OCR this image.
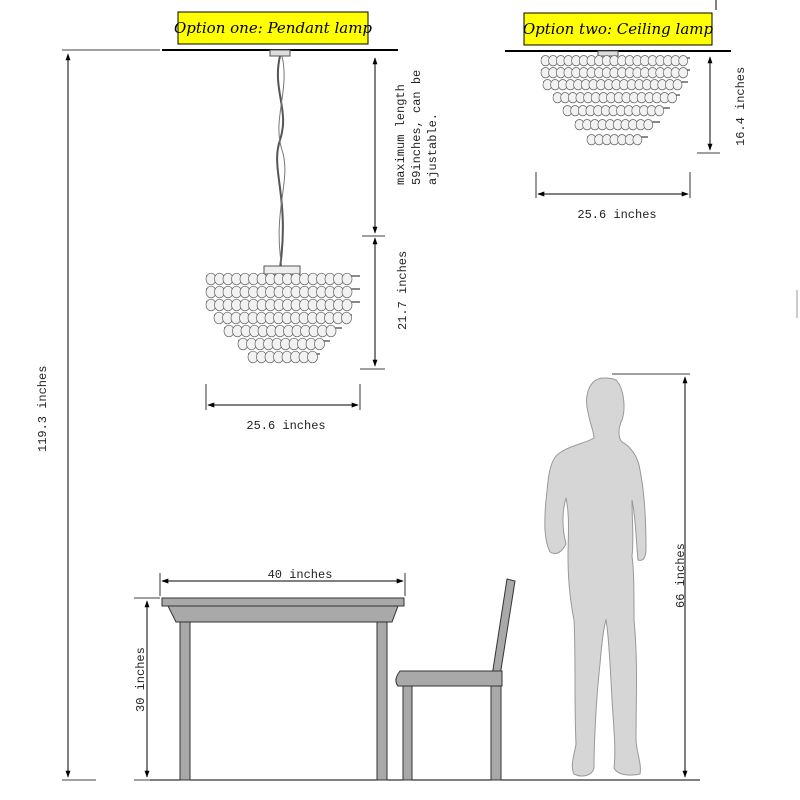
Option one: Pendant lamp	Option two: Ceiling lamp
maximum length 59inches, can be ajustable.
21.7 inches
25.6 inches
16.4 inches
25.6 inches
119.3 inches
40 inches
30 inches
66 inches
